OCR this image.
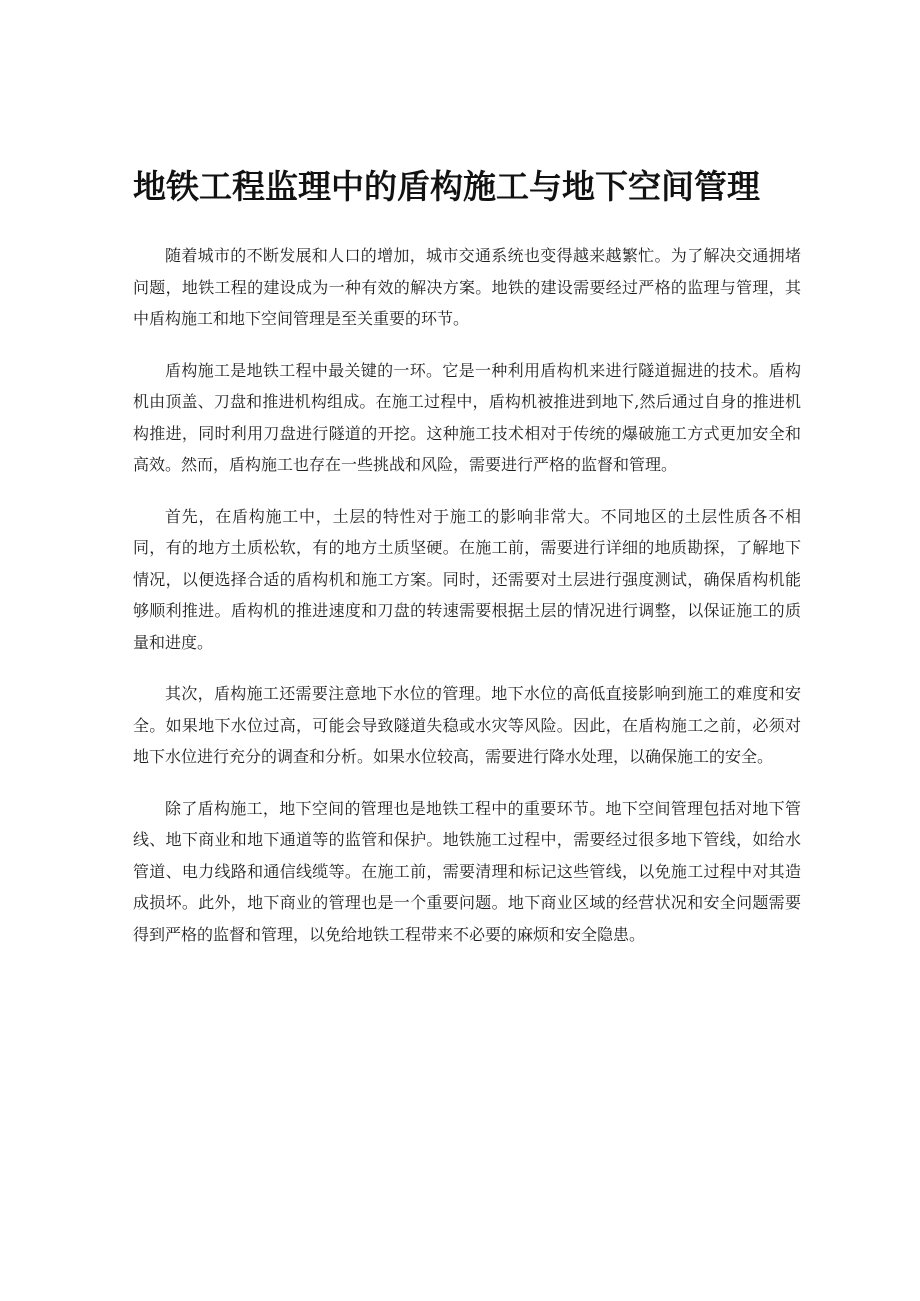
地铁工程监理中的盾构施工与地下空间管理

随着城市的不断发展和人口的增加，城市交通系统也变得越来越繁忙。为了解决交通拥堵问题，地铁工程的建设成为一种有效的解决方案。地铁的建设需要经过严格的监理与管理，其中盾构施工和地下空间管理是至关重要的环节。

盾构施工是地铁工程中最关键的一环。它是一种利用盾构机来进行隧道掘进的技术。盾构机由顶盖、刀盘和推进机构组成。在施工过程中，盾构机被推进到地下,然后通过自身的推进机构推进，同时利用刀盘进行隧道的开挖。这种施工技术相对于传统的爆破施工方式更加安全和高效。然而，盾构施工也存在一些挑战和风险，需要进行严格的监督和管理。

首先，在盾构施工中，土层的特性对于施工的影响非常大。不同地区的土层性质各不相同，有的地方土质松软，有的地方土质坚硬。在施工前，需要进行详细的地质勘探，了解地下情况，以便选择合适的盾构机和施工方案。同时，还需要对土层进行强度测试，确保盾构机能够顺利推进。盾构机的推进速度和刀盘的转速需要根据土层的情况进行调整，以保证施工的质量和进度。

其次，盾构施工还需要注意地下水位的管理。地下水位的高低直接影响到施工的难度和安全。如果地下水位过高，可能会导致隧道失稳或水灾等风险。因此，在盾构施工之前，必须对地下水位进行充分的调查和分析。如果水位较高，需要进行降水处理，以确保施工的安全。

除了盾构施工，地下空间的管理也是地铁工程中的重要环节。地下空间管理包括对地下管线、地下商业和地下通道等的监管和保护。地铁施工过程中，需要经过很多地下管线，如给水管道、电力线路和通信线缆等。在施工前，需要清理和标记这些管线，以免施工过程中对其造成损坏。此外，地下商业的管理也是一个重要问题。地下商业区域的经营状况和安全问题需要得到严格的监督和管理，以免给地铁工程带来不必要的麻烦和安全隐患。
